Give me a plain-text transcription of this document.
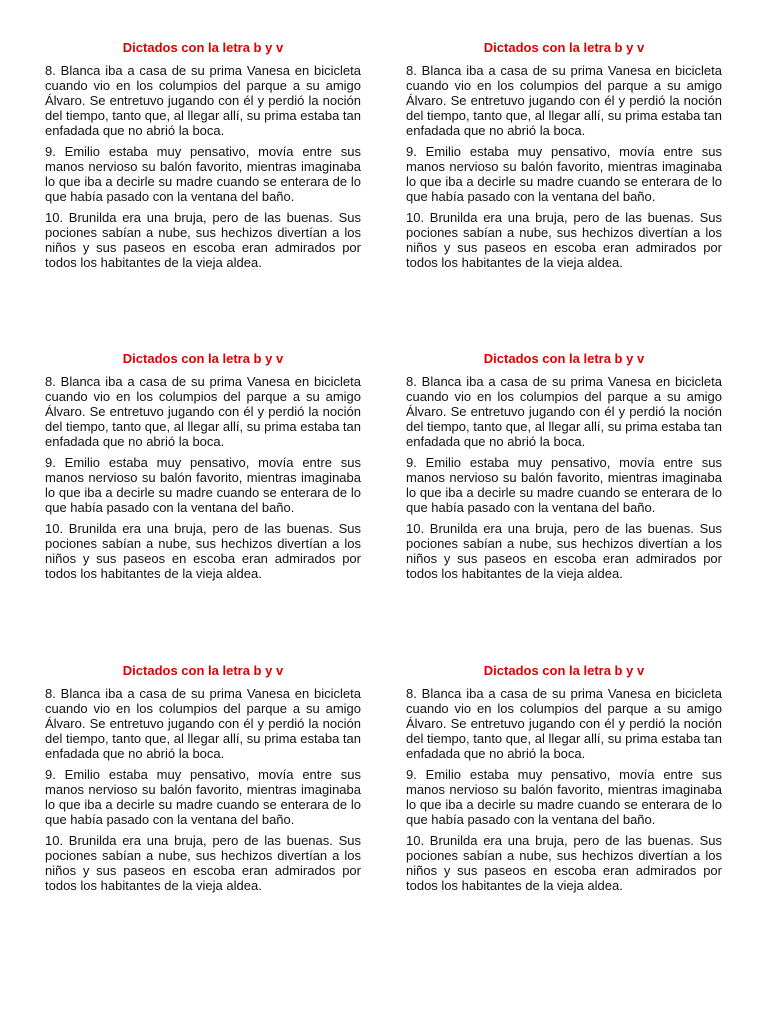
Dictados con la letra b y v

8. Blanca iba a casa de su prima Vanesa en bicicleta cuando vio en los columpios del parque a su amigo Álvaro. Se entretuvo jugando con él y perdió la noción del tiempo, tanto que, al llegar allí, su prima estaba tan enfadada que no abrió la boca.

9. Emilio estaba muy pensativo, movía entre sus manos nervioso su balón favorito, mientras imaginaba lo que iba a decirle su madre cuando se enterara de lo que había pasado con la ventana del baño.

10. Brunilda era una bruja, pero de las buenas. Sus pociones sabían a nube, sus hechizos divertían a los niños y sus paseos en escoba eran admirados por todos los habitantes de la vieja aldea.

Dictados con la letra b y v

8. Blanca iba a casa de su prima Vanesa en bicicleta cuando vio en los columpios del parque a su amigo Álvaro. Se entretuvo jugando con él y perdió la noción del tiempo, tanto que, al llegar allí, su prima estaba tan enfadada que no abrió la boca.

9. Emilio estaba muy pensativo, movía entre sus manos nervioso su balón favorito, mientras imaginaba lo que iba a decirle su madre cuando se enterara de lo que había pasado con la ventana del baño.

10. Brunilda era una bruja, pero de las buenas. Sus pociones sabían a nube, sus hechizos divertían a los niños y sus paseos en escoba eran admirados por todos los habitantes de la vieja aldea.

Dictados con la letra b y v

8. Blanca iba a casa de su prima Vanesa en bicicleta cuando vio en los columpios del parque a su amigo Álvaro. Se entretuvo jugando con él y perdió la noción del tiempo, tanto que, al llegar allí, su prima estaba tan enfadada que no abrió la boca.

9. Emilio estaba muy pensativo, movía entre sus manos nervioso su balón favorito, mientras imaginaba lo que iba a decirle su madre cuando se enterara de lo que había pasado con la ventana del baño.

10. Brunilda era una bruja, pero de las buenas. Sus pociones sabían a nube, sus hechizos divertían a los niños y sus paseos en escoba eran admirados por todos los habitantes de la vieja aldea.

Dictados con la letra b y v

8. Blanca iba a casa de su prima Vanesa en bicicleta cuando vio en los columpios del parque a su amigo Álvaro. Se entretuvo jugando con él y perdió la noción del tiempo, tanto que, al llegar allí, su prima estaba tan enfadada que no abrió la boca.

9. Emilio estaba muy pensativo, movía entre sus manos nervioso su balón favorito, mientras imaginaba lo que iba a decirle su madre cuando se enterara de lo que había pasado con la ventana del baño.

10. Brunilda era una bruja, pero de las buenas. Sus pociones sabían a nube, sus hechizos divertían a los niños y sus paseos en escoba eran admirados por todos los habitantes de la vieja aldea.

Dictados con la letra b y v

8. Blanca iba a casa de su prima Vanesa en bicicleta cuando vio en los columpios del parque a su amigo Álvaro. Se entretuvo jugando con él y perdió la noción del tiempo, tanto que, al llegar allí, su prima estaba tan enfadada que no abrió la boca.

9. Emilio estaba muy pensativo, movía entre sus manos nervioso su balón favorito, mientras imaginaba lo que iba a decirle su madre cuando se enterara de lo que había pasado con la ventana del baño.

10. Brunilda era una bruja, pero de las buenas. Sus pociones sabían a nube, sus hechizos divertían a los niños y sus paseos en escoba eran admirados por todos los habitantes de la vieja aldea.

Dictados con la letra b y v

8. Blanca iba a casa de su prima Vanesa en bicicleta cuando vio en los columpios del parque a su amigo Álvaro. Se entretuvo jugando con él y perdió la noción del tiempo, tanto que, al llegar allí, su prima estaba tan enfadada que no abrió la boca.

9. Emilio estaba muy pensativo, movía entre sus manos nervioso su balón favorito, mientras imaginaba lo que iba a decirle su madre cuando se enterara de lo que había pasado con la ventana del baño.

10. Brunilda era una bruja, pero de las buenas. Sus pociones sabían a nube, sus hechizos divertían a los niños y sus paseos en escoba eran admirados por todos los habitantes de la vieja aldea.
